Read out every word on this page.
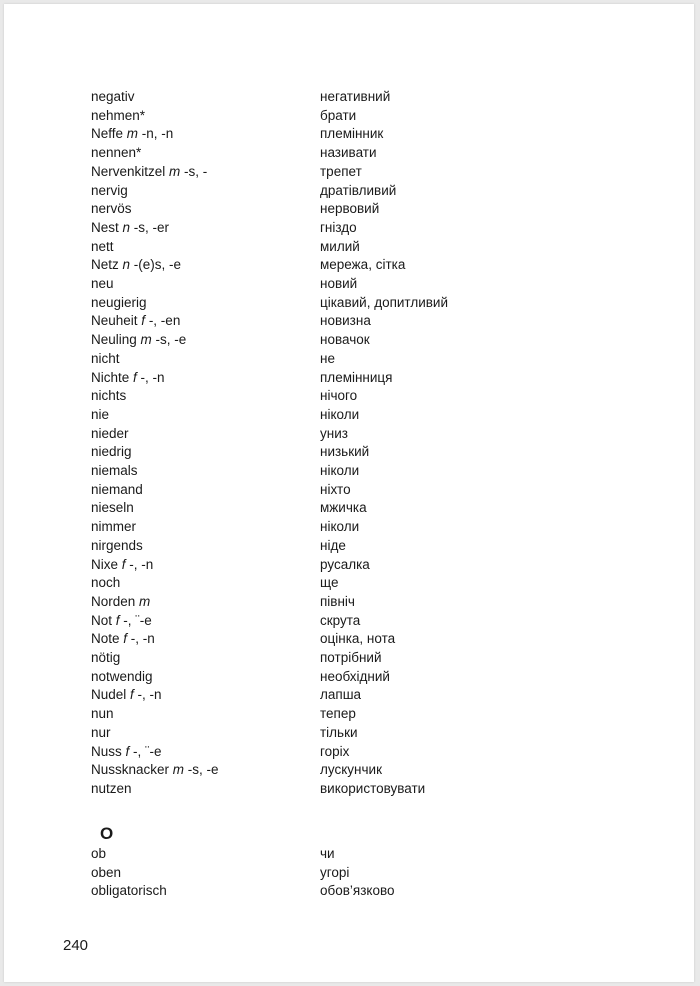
negativ	негативний
nehmen*	брати
Neffe m -n, -n	племінник
nennen*	називати
Nervenkitzel m -s, -	трепет
nervig	дратівливий
nervös	нервовий
Nest n -s, -er	гніздо
nett	милий
Netz n -(e)s, -e	мережа, сітка
neu	новий
neugierig	цікавий, допитливий
Neuheit f -, -en	новизна
Neuling m -s, -e	новачок
nicht	не
Nichte f -, -n	племінниця
nichts	нічого
nie	ніколи
nieder	униз
niedrig	низький
niemals	ніколи
niemand	ніхто
nieseln	мжичка
nimmer	ніколи
nirgends	ніде
Nixe f -, -n	русалка
noch	ще
Norden m	північ
Not f -, ¨-e	скрута
Note f -, -n	оцінка, нота
nötig	потрібний
notwendig	необхідний
Nudel f -, -n	лапша
nun	тепер
nur	тільки
Nuss f -, ¨-e	горіх
Nussknacker m -s, -e	лускунчик
nutzen	використовувати
O
ob	чи
oben	угорі
obligatorisch	обов’язково
240
